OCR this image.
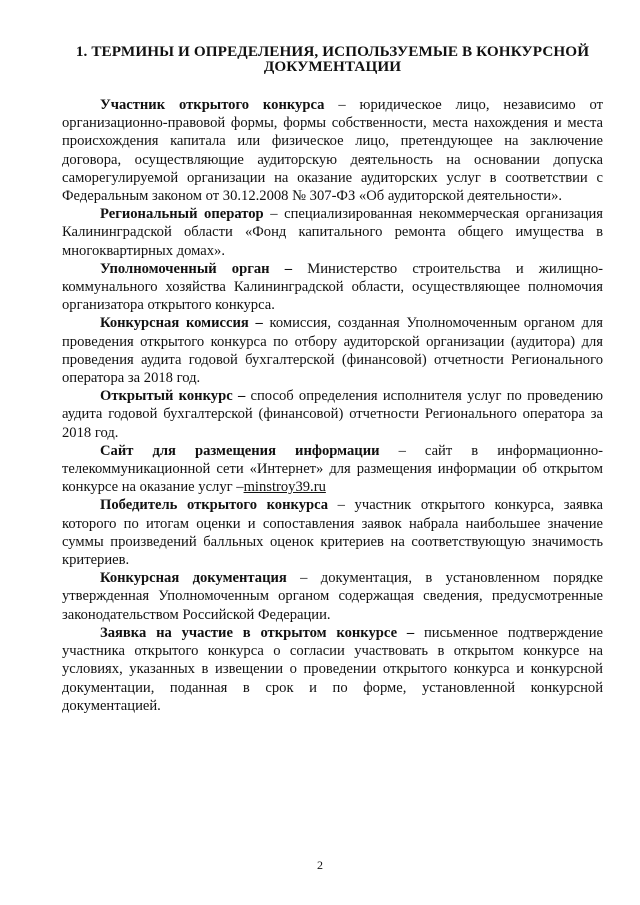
1. ТЕРМИНЫ И ОПРЕДЕЛЕНИЯ, ИСПОЛЬЗУЕМЫЕ В КОНКУРСНОЙ ДОКУМЕНТАЦИИ

Участник открытого конкурса – юридическое лицо, независимо от организационно-правовой формы, формы собственности, места нахождения и места происхождения капитала или физическое лицо, претендующее на заключение договора, осуществляющие аудиторскую деятельность на основании допуска саморегулируемой организации на оказание аудиторских услуг в соответствии с Федеральным законом от 30.12.2008 № 307-ФЗ «Об аудиторской деятельности».

Региональный оператор – специализированная некоммерческая организация Калининградской области «Фонд капитального ремонта общего имущества в многоквартирных домах».

Уполномоченный орган – Министерство строительства и жилищно-коммунального хозяйства Калининградской области, осуществляющее полномочия организатора открытого конкурса.

Конкурсная комиссия – комиссия, созданная Уполномоченным органом для проведения открытого конкурса по отбору аудиторской организации (аудитора) для проведения аудита годовой бухгалтерской (финансовой) отчетности Регионального оператора за 2018 год.

Открытый конкурс – способ определения исполнителя услуг по проведению аудита годовой бухгалтерской (финансовой) отчетности Регионального оператора за 2018 год.

Сайт для размещения информации – сайт в информационно-телекоммуникационной сети «Интернет» для размещения информации об открытом конкурсе на оказание услуг –minstroy39.ru

Победитель открытого конкурса – участник открытого конкурса, заявка которого по итогам оценки и сопоставления заявок набрала наибольшее значение суммы произведений балльных оценок критериев на соответствующую значимость критериев.

Конкурсная документация – документация, в установленном порядке утвержденная Уполномоченным органом содержащая сведения, предусмотренные законодательством Российской Федерации.

Заявка на участие в открытом конкурсе – письменное подтверждение участника открытого конкурса о согласии участвовать в открытом конкурсе на условиях, указанных в извещении о проведении открытого конкурса и конкурсной документации, поданная в срок и по форме, установленной конкурсной документацией.

2
